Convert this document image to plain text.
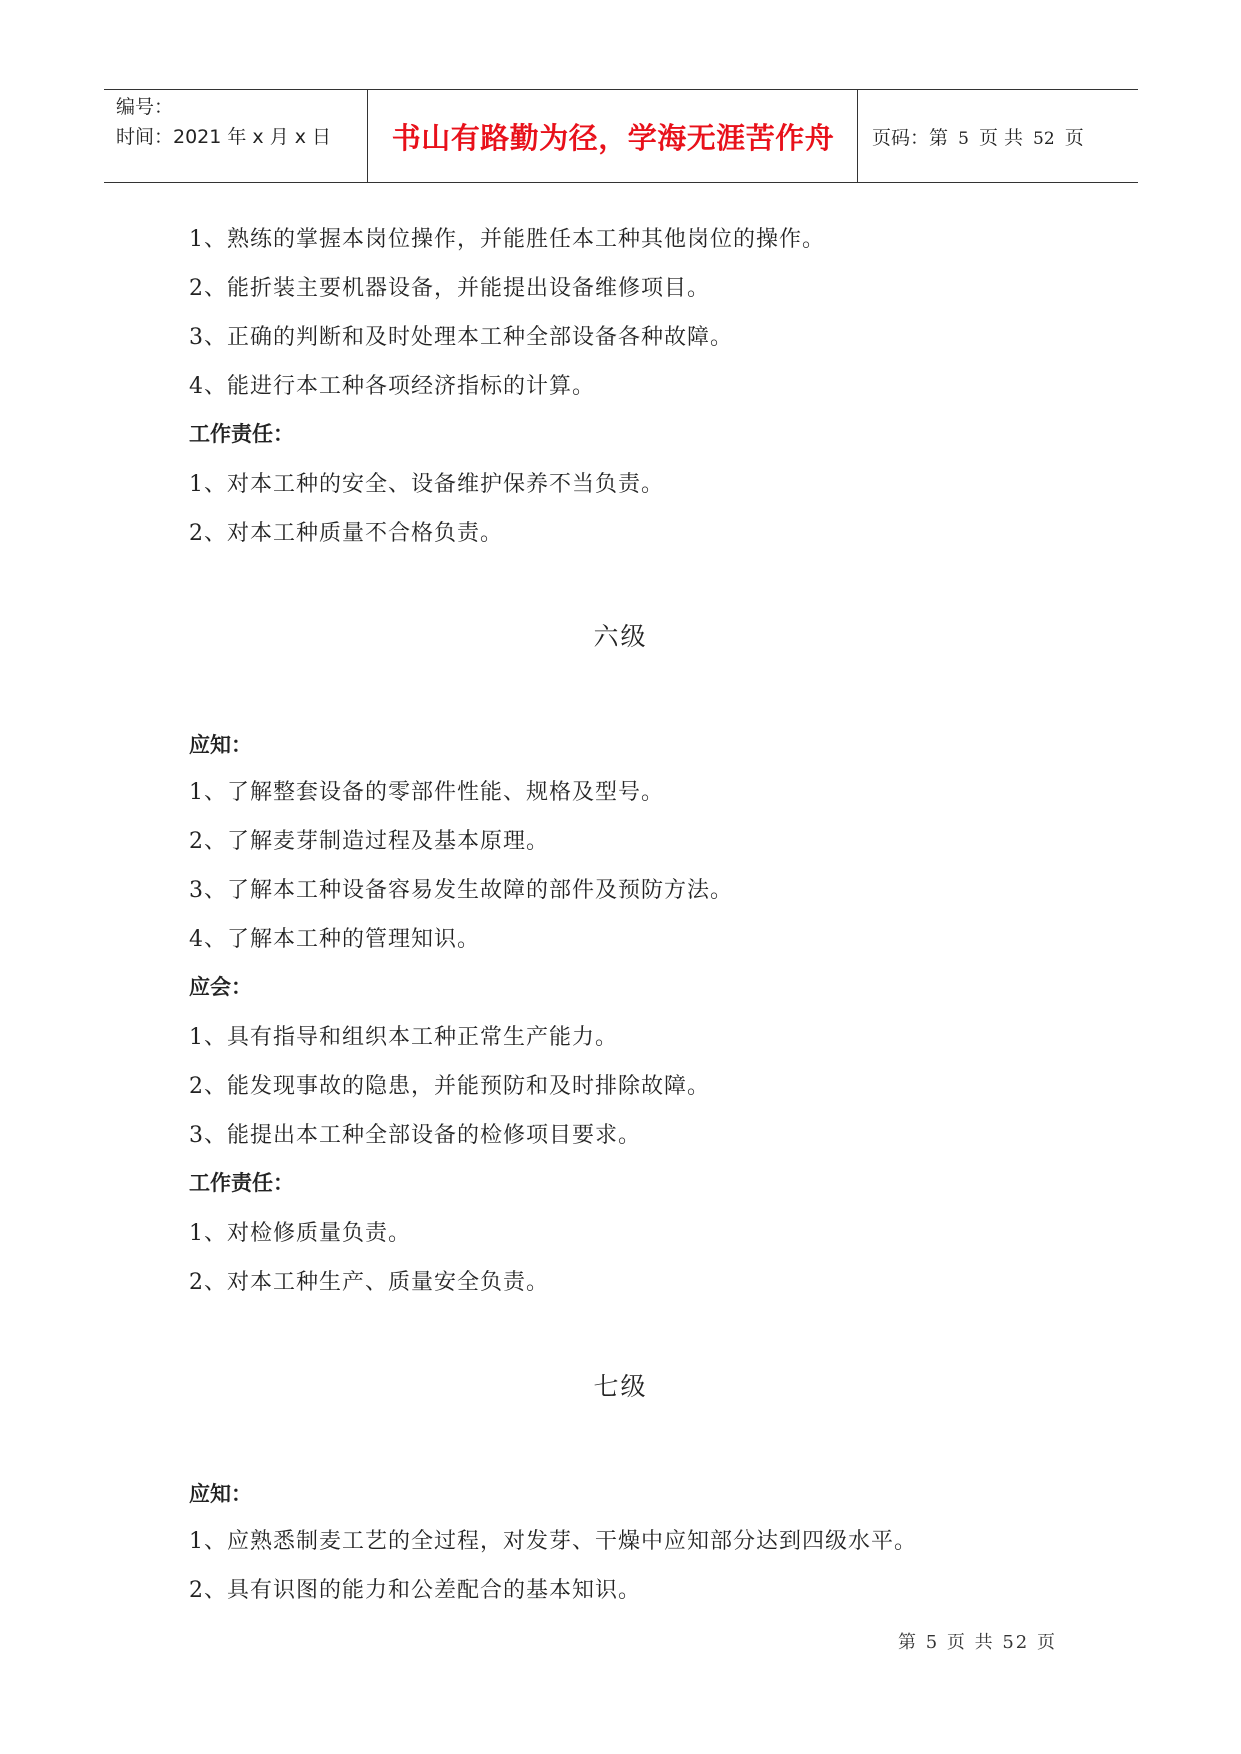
编号：
时间：2021 年 x 月 x 日	书山有路勤为径，学海无涯苦作舟	页码：第 5 页 共 52 页
1、熟练的掌握本岗位操作，并能胜任本工种其他岗位的操作。
2、能折装主要机器设备，并能提出设备维修项目。
3、正确的判断和及时处理本工种全部设备各种故障。
4、能进行本工种各项经济指标的计算。
工作责任：
1、对本工种的安全、设备维护保养不当负责。
2、对本工种质量不合格负责。
六级
应知：
1、了解整套设备的零部件性能、规格及型号。
2、了解麦芽制造过程及基本原理。
3、了解本工种设备容易发生故障的部件及预防方法。
4、了解本工种的管理知识。
应会：
1、具有指导和组织本工种正常生产能力。
2、能发现事故的隐患，并能预防和及时排除故障。
3、能提出本工种全部设备的检修项目要求。
工作责任：
1、对检修质量负责。
2、对本工种生产、质量安全负责。
七级
应知：
1、应熟悉制麦工艺的全过程，对发芽、干燥中应知部分达到四级水平。
2、具有识图的能力和公差配合的基本知识。
第 5 页 共 52 页
